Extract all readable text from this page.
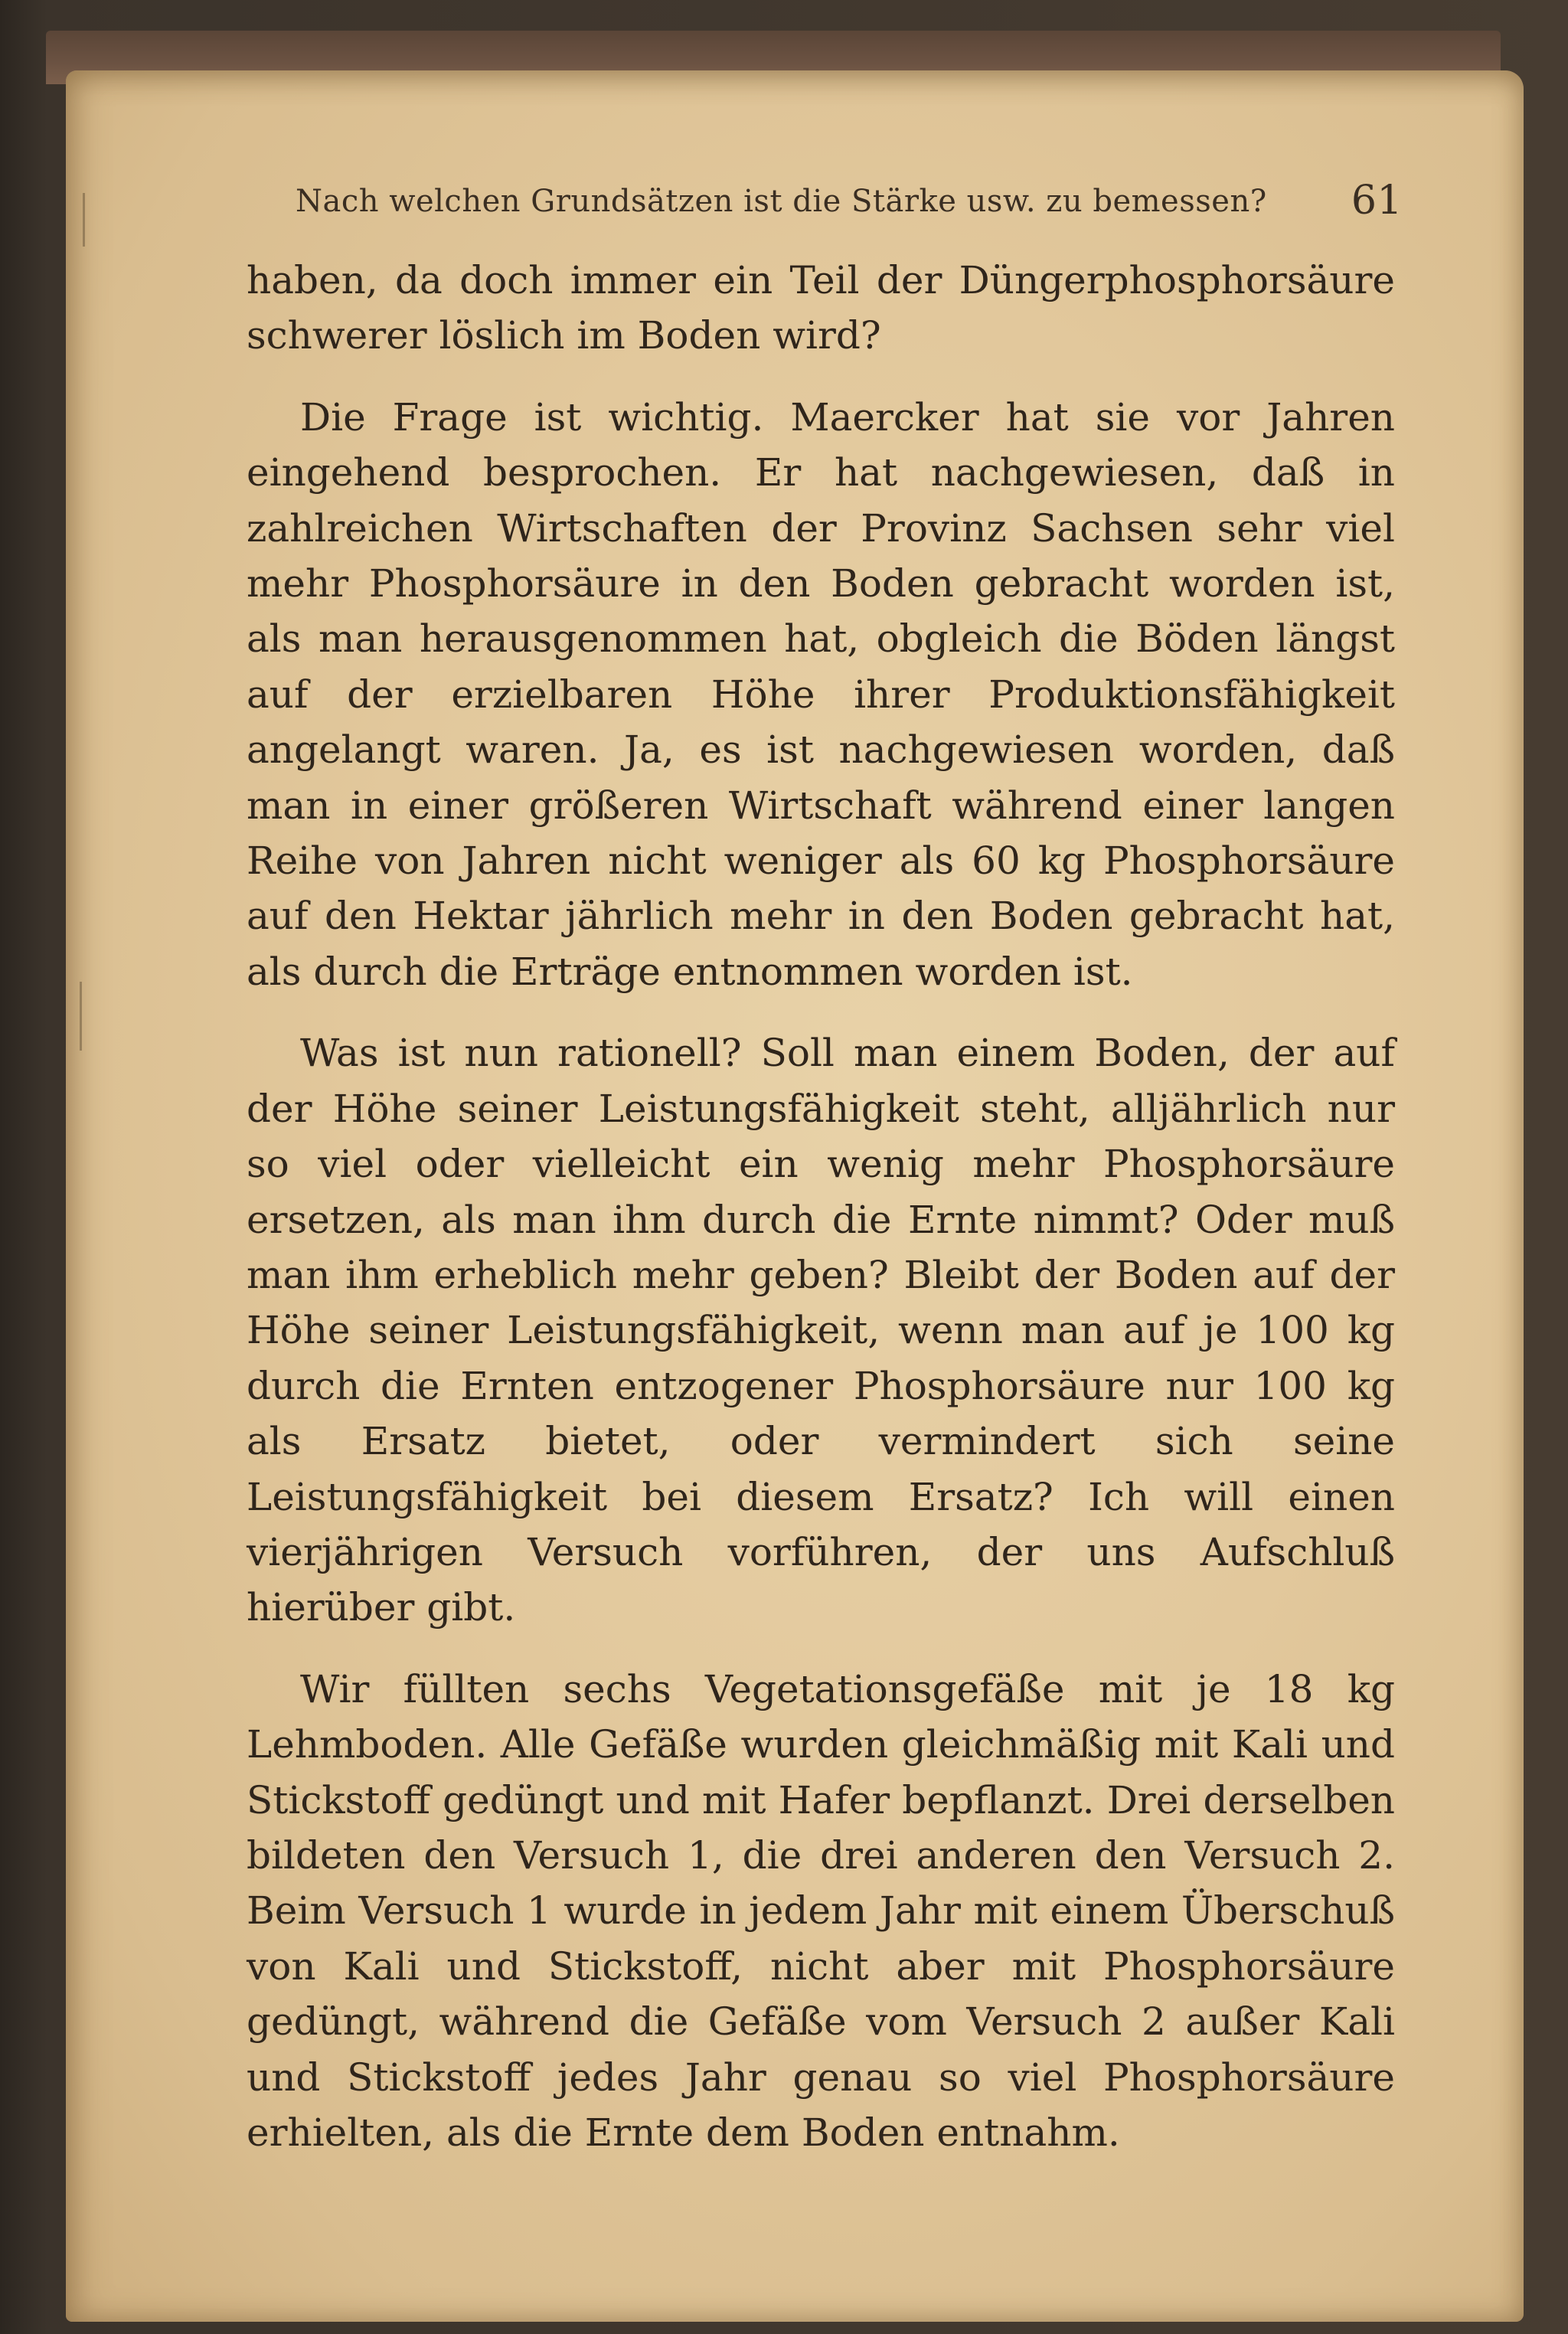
Nach welchen Grundsätzen ist die Stärke usw. zu bemessen? 61

haben, da doch immer ein Teil der Düngerphosphorsäure schwerer löslich im Boden wird?

Die Frage ist wichtig. Maercker hat sie vor Jahren eingehend besprochen. Er hat nachgewiesen, daß in zahlreichen Wirtschaften der Provinz Sachsen sehr viel mehr Phosphorsäure in den Boden gebracht worden ist, als man herausgenommen hat, obgleich die Böden längst auf der erzielbaren Höhe ihrer Produktionsfähigkeit angelangt waren. Ja, es ist nachgewiesen worden, daß man in einer größeren Wirtschaft während einer langen Reihe von Jahren nicht weniger als 60 kg Phosphorsäure auf den Hektar jährlich mehr in den Boden gebracht hat, als durch die Erträge entnommen worden ist.

Was ist nun rationell? Soll man einem Boden, der auf der Höhe seiner Leistungsfähigkeit steht, alljährlich nur so viel oder vielleicht ein wenig mehr Phosphorsäure ersetzen, als man ihm durch die Ernte nimmt? Oder muß man ihm erheblich mehr geben? Bleibt der Boden auf der Höhe seiner Leistungsfähigkeit, wenn man auf je 100 kg durch die Ernten entzogener Phosphorsäure nur 100 kg als Ersatz bietet, oder vermindert sich seine Leistungsfähigkeit bei diesem Ersatz? Ich will einen vierjährigen Versuch vorführen, der uns Aufschluß hierüber gibt.

Wir füllten sechs Vegetationsgefäße mit je 18 kg Lehmboden. Alle Gefäße wurden gleichmäßig mit Kali und Stickstoff gedüngt und mit Hafer bepflanzt. Drei derselben bildeten den Versuch 1, die drei anderen den Versuch 2. Beim Versuch 1 wurde in jedem Jahr mit einem Überschuß von Kali und Stickstoff, nicht aber mit Phosphorsäure gedüngt, während die Gefäße vom Versuch 2 außer Kali und Stickstoff jedes Jahr genau so viel Phosphorsäure erhielten, als die Ernte dem Boden entnahm.
